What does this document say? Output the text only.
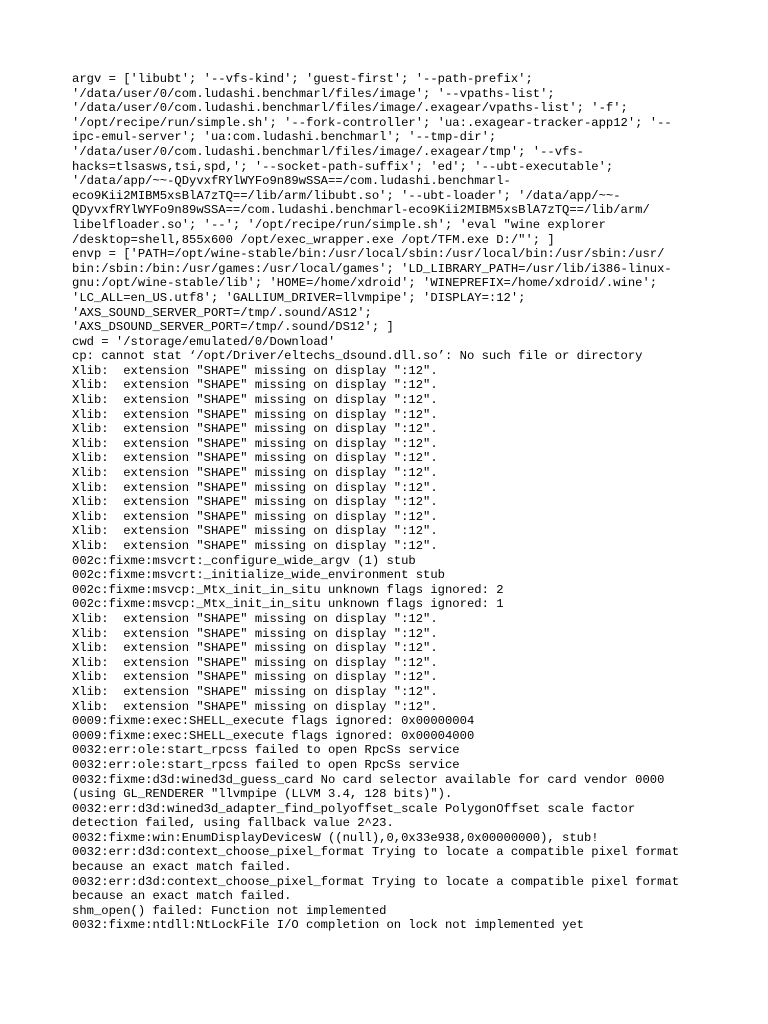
argv = ['libubt'; '--vfs-kind'; 'guest-first'; '--path-prefix';
'/data/user/0/com.ludashi.benchmarl/files/image'; '--vpaths-list';
'/data/user/0/com.ludashi.benchmarl/files/image/.exagear/vpaths-list'; '-f';
'/opt/recipe/run/simple.sh'; '--fork-controller'; 'ua:.exagear-tracker-app12'; '--
ipc-emul-server'; 'ua:com.ludashi.benchmarl'; '--tmp-dir';
'/data/user/0/com.ludashi.benchmarl/files/image/.exagear/tmp'; '--vfs-
hacks=tlsasws,tsi,spd,'; '--socket-path-suffix'; 'ed'; '--ubt-executable';
'/data/app/~~-QDyvxfRYlWYFo9n89wSSA==/com.ludashi.benchmarl-
eco9Kii2MIBM5xsBlA7zTQ==/lib/arm/libubt.so'; '--ubt-loader'; '/data/app/~~-
QDyvxfRYlWYFo9n89wSSA==/com.ludashi.benchmarl-eco9Kii2MIBM5xsBlA7zTQ==/lib/arm/
libelfloader.so'; '--'; '/opt/recipe/run/simple.sh'; 'eval "wine explorer
/desktop=shell,855x600 /opt/exec_wrapper.exe /opt/TFM.exe D:/"'; ]
envp = ['PATH=/opt/wine-stable/bin:/usr/local/sbin:/usr/local/bin:/usr/sbin:/usr/
bin:/sbin:/bin:/usr/games:/usr/local/games'; 'LD_LIBRARY_PATH=/usr/lib/i386-linux-
gnu:/opt/wine-stable/lib'; 'HOME=/home/xdroid'; 'WINEPREFIX=/home/xdroid/.wine';
'LC_ALL=en_US.utf8'; 'GALLIUM_DRIVER=llvmpipe'; 'DISPLAY=:12';
'AXS_SOUND_SERVER_PORT=/tmp/.sound/AS12';
'AXS_DSOUND_SERVER_PORT=/tmp/.sound/DS12'; ]
cwd = '/storage/emulated/0/Download'
cp: cannot stat ‘/opt/Driver/eltechs_dsound.dll.so’: No such file or directory
Xlib:  extension "SHAPE" missing on display ":12".
Xlib:  extension "SHAPE" missing on display ":12".
Xlib:  extension "SHAPE" missing on display ":12".
Xlib:  extension "SHAPE" missing on display ":12".
Xlib:  extension "SHAPE" missing on display ":12".
Xlib:  extension "SHAPE" missing on display ":12".
Xlib:  extension "SHAPE" missing on display ":12".
Xlib:  extension "SHAPE" missing on display ":12".
Xlib:  extension "SHAPE" missing on display ":12".
Xlib:  extension "SHAPE" missing on display ":12".
Xlib:  extension "SHAPE" missing on display ":12".
Xlib:  extension "SHAPE" missing on display ":12".
Xlib:  extension "SHAPE" missing on display ":12".
002c:fixme:msvcrt:_configure_wide_argv (1) stub
002c:fixme:msvcrt:_initialize_wide_environment stub
002c:fixme:msvcp:_Mtx_init_in_situ unknown flags ignored: 2
002c:fixme:msvcp:_Mtx_init_in_situ unknown flags ignored: 1
Xlib:  extension "SHAPE" missing on display ":12".
Xlib:  extension "SHAPE" missing on display ":12".
Xlib:  extension "SHAPE" missing on display ":12".
Xlib:  extension "SHAPE" missing on display ":12".
Xlib:  extension "SHAPE" missing on display ":12".
Xlib:  extension "SHAPE" missing on display ":12".
Xlib:  extension "SHAPE" missing on display ":12".
0009:fixme:exec:SHELL_execute flags ignored: 0x00000004
0009:fixme:exec:SHELL_execute flags ignored: 0x00004000
0032:err:ole:start_rpcss failed to open RpcSs service
0032:err:ole:start_rpcss failed to open RpcSs service
0032:fixme:d3d:wined3d_guess_card No card selector available for card vendor 0000
(using GL_RENDERER "llvmpipe (LLVM 3.4, 128 bits)").
0032:err:d3d:wined3d_adapter_find_polyoffset_scale PolygonOffset scale factor
detection failed, using fallback value 2^23.
0032:fixme:win:EnumDisplayDevicesW ((null),0,0x33e938,0x00000000), stub!
0032:err:d3d:context_choose_pixel_format Trying to locate a compatible pixel format
because an exact match failed.
0032:err:d3d:context_choose_pixel_format Trying to locate a compatible pixel format
because an exact match failed.
shm_open() failed: Function not implemented
0032:fixme:ntdll:NtLockFile I/O completion on lock not implemented yet
